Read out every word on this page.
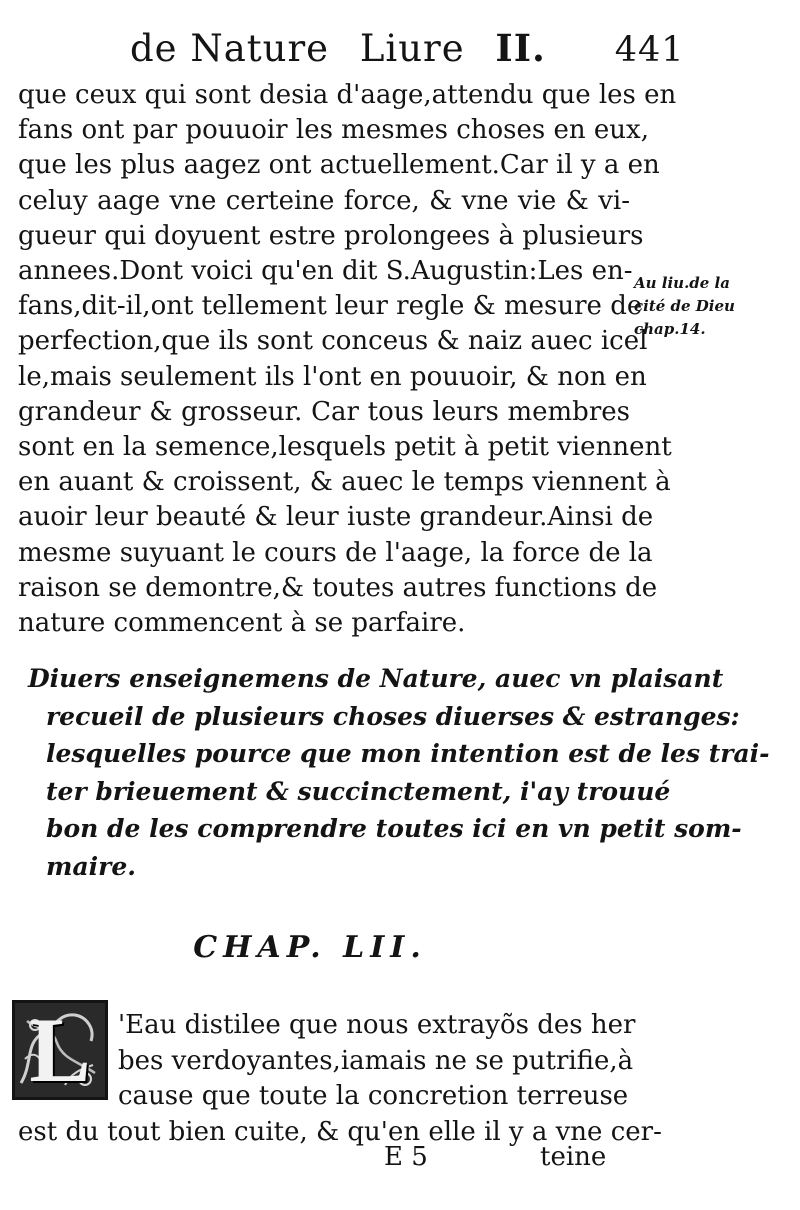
de Nature Liure II. 441
que ceux qui sont desia d'aage,attendu que les en
fans ont par pouuoir les mesmes choses en eux,
que les plus aagez ont actuellement.Car il y a en
celuy aage vne certeine force, & vne vie & vi-
gueur qui doyuent estre prolongees à plusieurs
annees.Dont voici qu'en dit S.Augustin:Les en-
fans,dit-il,ont tellement leur regle & mesure de
perfection,que ils sont conceus & naiz auec icel
le,mais seulement ils l'ont en pouuoir, & non en
grandeur & grosseur. Car tous leurs membres
sont en la semence,lesquels petit à petit viennent
en auant & croissent, & auec le temps viennent à
auoir leur beauté & leur iuste grandeur.Ainsi de
mesme suyuant le cours de l'aage, la force de la
raison se demontre,& toutes autres functions de
nature commencent à se parfaire.
Au liu.de la
cité de Dieu
chap.14.
Diuers enseignemens de Nature, auec vn plaisant
recueil de plusieurs choses diuerses & estranges:
lesquelles pource que mon intention est de les trai-
ter brieuement & succinctement, i'ay trouué
bon de les comprendre toutes ici en vn petit som-
maire.
CHAP. LII.
L	'Eau distilee que nous extrayõs des her
bes verdoyantes,iamais ne se putrifie,à
cause que toute la concretion terreuse
est du tout bien cuite, & qu'en elle il y a vne cer-
E 5	teine
